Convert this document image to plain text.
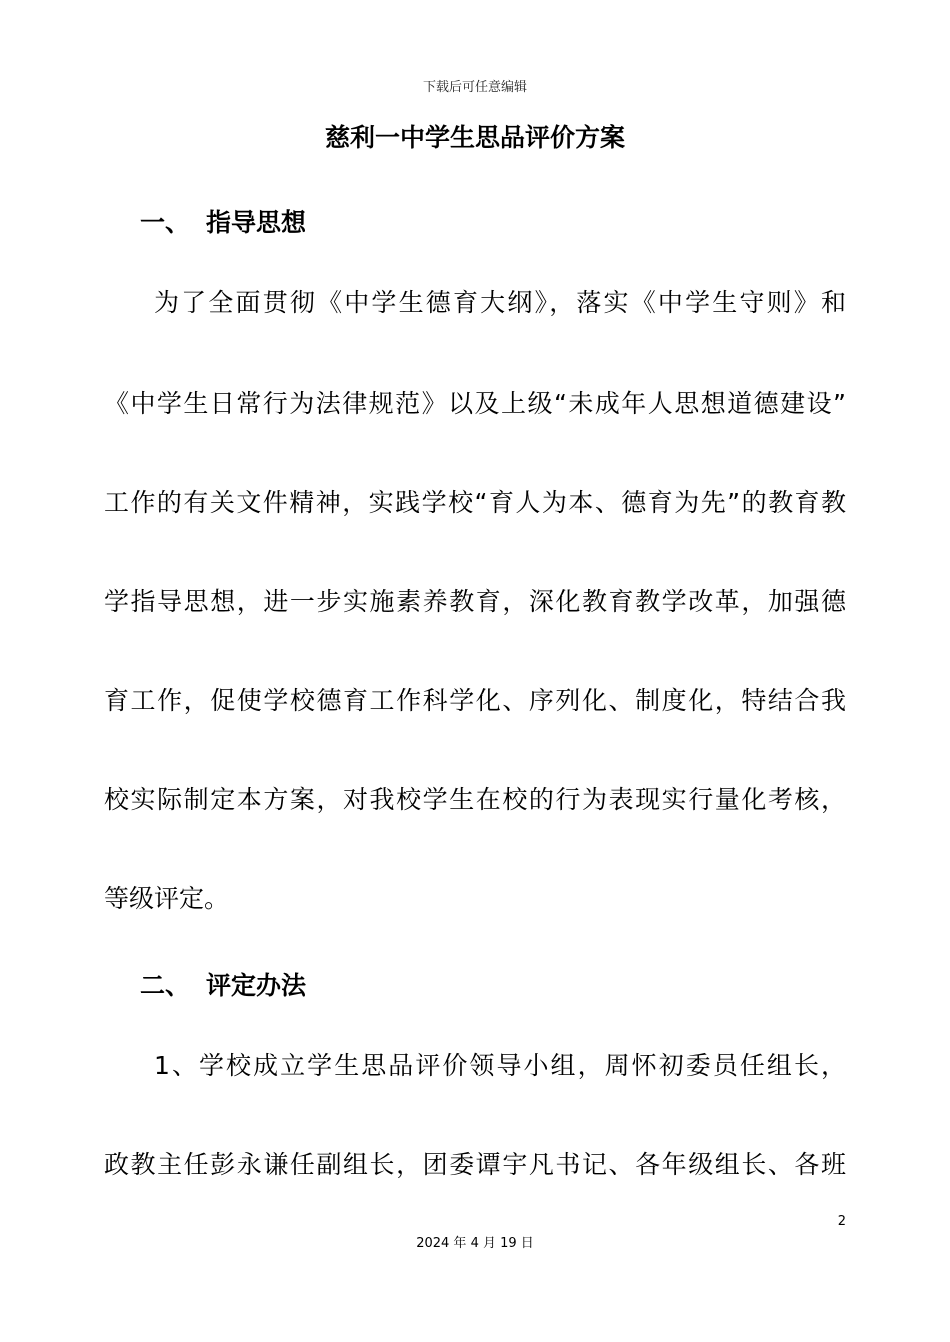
下载后可任意编辑
慈利一中学生思品评价方案
一、 指导思想
为了全面贯彻《中学生德育大纲》，落实《中学生守则》和
《中学生日常行为法律规范》以及上级“未成年人思想道德建设”
工作的有关文件精神，实践学校“育人为本、德育为先”的教育教
学指导思想，进一步实施素养教育，深化教育教学改革，加强德
育工作，促使学校德育工作科学化、序列化、制度化，特结合我
校实际制定本方案，对我校学生在校的行为表现实行量化考核，
等级评定。
二、 评定办法
1、学校成立学生思品评价领导小组，周怀初委员任组长，
政教主任彭永谦任副组长，团委谭宇凡书记、各年级组长、各班
2
2024 年 4 月 19 日
